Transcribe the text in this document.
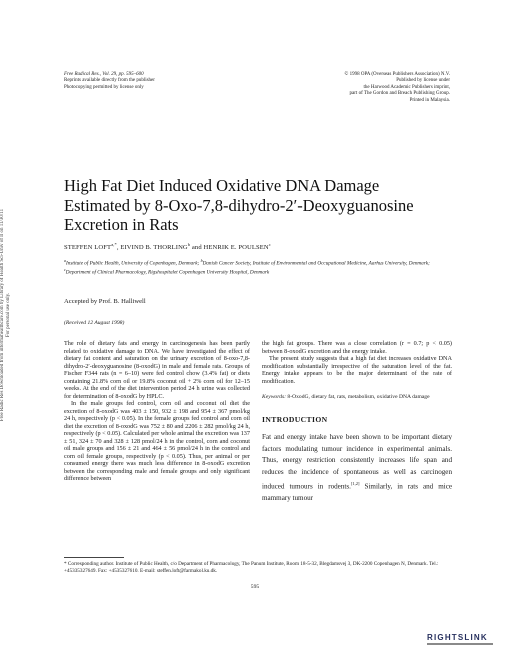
Free Radic Res Downloaded from informahealthcare.com by Library of Health Sci-Univ of Il on 11/30/11 For personal use only.
Free Radical Res., Vol. 29, pp. 595–600
Reprints available directly from the publisher
Photocopying permitted by license only
© 1998 OPA (Overseas Publishers Association) N.V.
Published by license under
the Harwood Academic Publishers imprint,
part of The Gordon and Breach Publishing Group.
Printed in Malaysia.
High Fat Diet Induced Oxidative DNA Damage
Estimated by 8-Oxo-7,8-dihydro-2′-Deoxyguanosine
Excretion in Rats
STEFFEN $LOFT^{a,*}$, EIVIND B. THORLING$^b$ and HENRIK E. POULSEN$^c$
$^a$Institute of Public Health, University of Copenhagen, Denmark; $^b$Danish Cancer Society, Institute of Environmental and Occupational Medicine, Aarhus University, Denmark; $^c$Department of Clinical Pharmacology, Rigshospitalet Copenhagen University Hospital, Denmark
Accepted by Prof. B. Halliwell
(Received 12 August 1998)

The role of dietary fats and energy in carcinogenesis has been partly related to oxidative damage to DNA. We have investigated the effect of dietary fat content and saturation on the urinary excretion of 8-oxo-7,8-dihydro-2′-deoxyguanosine (8-oxodG) in male and female rats. Groups of Fischer F344 rats (n = 6–10) were fed control chow (3.4% fat) or diets containing 21.8% corn oil or 19.8% coconut oil + 2% corn oil for 12–15 weeks. At the end of the diet intervention period 24 h urine was collected for determination of 8-oxodG by HPLC.

In the male groups fed control, corn oil and coconut oil diet the excretion of 8-oxodG was 403 ± 150, 932 ± 198 and 954 ± 367 pmol/kg 24 h, respectively (p < 0.05). In the female groups fed control and corn oil diet the excretion of 8-oxodG was 752 ± 80 and 2206 ± 282 pmol/kg 24 h, respectively (p < 0.05). Calculated per whole animal the excretion was 137 ± 51, 324 ± 70 and 328 ± 128 pmol/24 h in the control, corn and coconut oil male groups and 156 ± 21 and 464 ± 56 pmol/24 h in the control and corn oil female groups, respectively (p < 0.05). Thus, per animal or per consumed energy there was much less difference in 8-oxodG excretion between the corresponding male and female groups and only significant difference between

the high fat groups. There was a close correlation (r = 0.7; p < 0.05) between 8-oxodG excretion and the energy intake.

The present study suggests that a high fat diet increases oxidative DNA modification substantially irrespective of the saturation level of the fat. Energy intake appears to be the major determinant of the rate of modification.

Keywords: 8-OxodG, dietary fat, rats, metabolism, oxidative DNA damage
INTRODUCTION
Fat and energy intake have been shown to be important dietary factors modulating tumour incidence in experimental animals. Thus, energy restriction consistently increases life span and reduces the incidence of spontaneous as well as carcinogen induced tumours in rodents.[1,2] Similarly, in rats and mice mammary tumour
* Corresponding author. Institute of Public Health, c/o Department of Pharmacology, The Panum Institute, Room 18-5-32, Blegdamsvej 3, DK-2200 Copenhagen N, Denmark. Tel.: +45335327649. Fax: +45353276​10. E-mail: steffen.loft@farmakol.ku.dk.
595
RIGHTSLINK
